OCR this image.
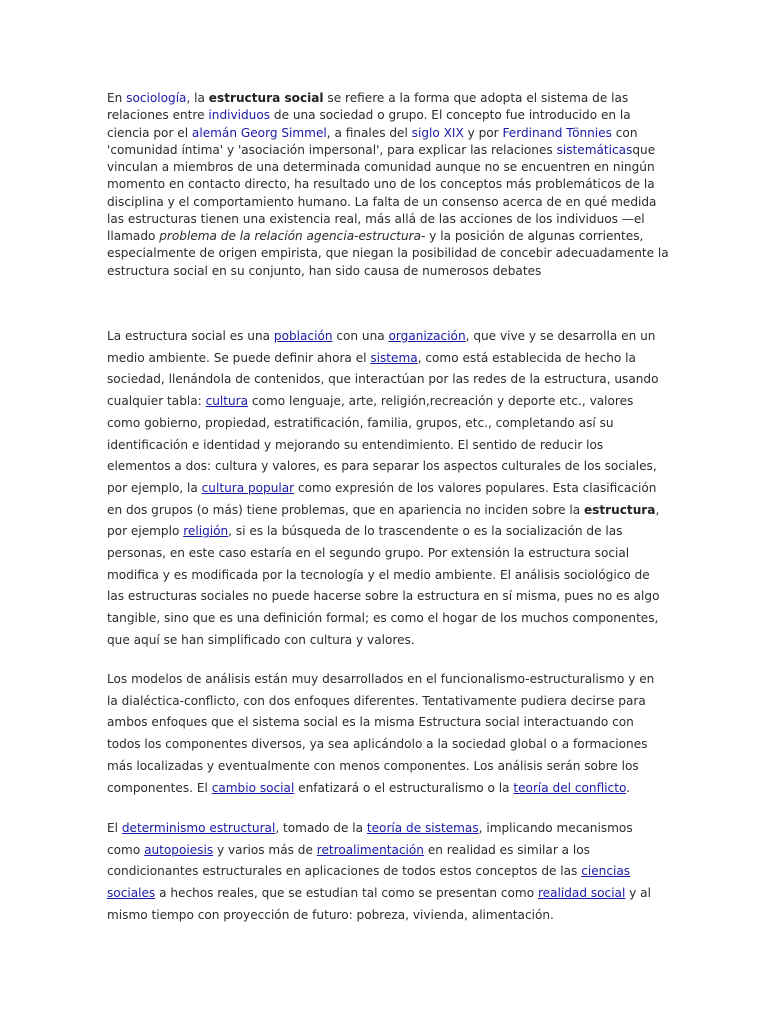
En sociología, la estructura social se refiere a la forma que adopta el sistema de las relaciones entre individuos de una sociedad o grupo. El concepto fue introducido en la ciencia por el alemán Georg Simmel, a finales del siglo XIX y por Ferdinand Tönnies con 'comunidad íntima' y 'asociación impersonal', para explicar las relaciones sistemáticasque vinculan a miembros de una determinada comunidad aunque no se encuentren en ningún momento en contacto directo, ha resultado uno de los conceptos más problemáticos de la disciplina y el comportamiento humano. La falta de un consenso acerca de en qué medida las estructuras tienen una existencia real, más allá de las acciones de los individuos —el llamado problema de la relación agencia-estructura- y la posición de algunas corrientes, especialmente de origen empirista, que niegan la posibilidad de concebir adecuadamente la estructura social en su conjunto, han sido causa de numerosos debates

La estructura social es una población con una organización, que vive y se desarrolla en un medio ambiente. Se puede definir ahora el sistema, como está establecida de hecho la sociedad, llenándola de contenidos, que interactúan por las redes de la estructura, usando cualquier tabla: cultura como lenguaje, arte, religión,recreación y deporte etc., valores como gobierno, propiedad, estratificación, familia, grupos, etc., completando así su identificación e identidad y mejorando su entendimiento. El sentido de reducir los elementos a dos: cultura y valores, es para separar los aspectos culturales de los sociales, por ejemplo, la cultura popular como expresión de los valores populares. Esta clasificación en dos grupos (o más) tiene problemas, que en apariencia no inciden sobre la estructura, por ejemplo religión, si es la búsqueda de lo trascendente o es la socialización de las personas, en este caso estaría en el segundo grupo. Por extensión la estructura social modifica y es modificada por la tecnología y el medio ambiente. El análisis sociológico de las estructuras sociales no puede hacerse sobre la estructura en sí misma, pues no es algo tangible, sino que es una definición formal; es como el hogar de los muchos componentes, que aquí se han simplificado con cultura y valores.

Los modelos de análisis están muy desarrollados en el funcionalismo-estructuralismo y en la dialéctica-conflicto, con dos enfoques diferentes. Tentativamente pudiera decirse para ambos enfoques que el sistema social es la misma Estructura social interactuando con todos los componentes diversos, ya sea aplicándolo a la sociedad global o a formaciones más localizadas y eventualmente con menos componentes. Los análisis serán sobre los componentes. El cambio social enfatizará o el estructuralismo o la teoría del conflicto.

El determinismo estructural, tomado de la teoría de sistemas, implicando mecanismos como autopoiesis y varios más de retroalimentación en realidad es similar a los condicionantes estructurales en aplicaciones de todos estos conceptos de las ciencias sociales a hechos reales, que se estudian tal como se presentan como realidad social y al mismo tiempo con proyección de futuro: pobreza, vivienda, alimentación.
